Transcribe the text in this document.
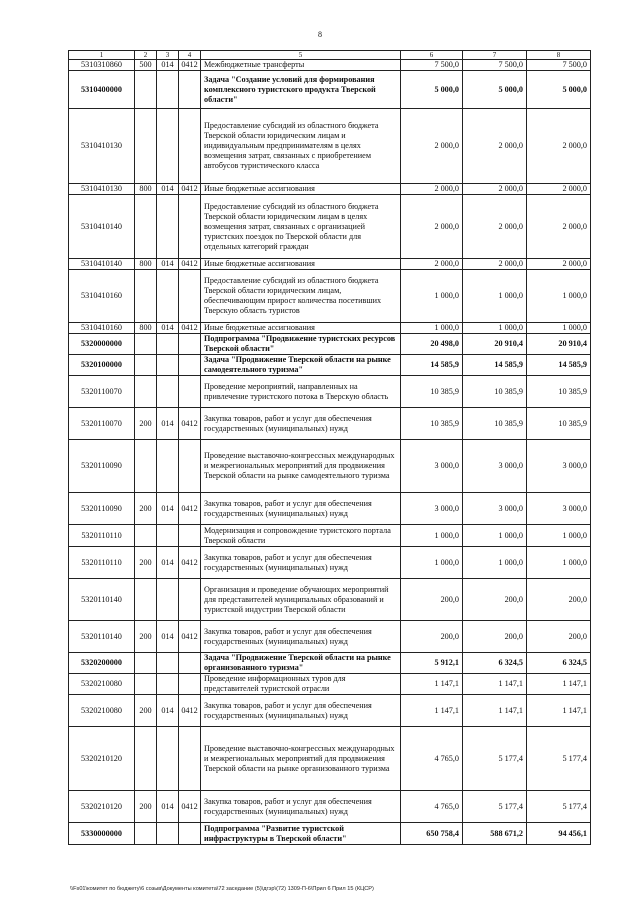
8
1	2	3	4	5	6	7	8
5310310860	500	014	0412	Межбюджетные трансферты	7 500,0	7 500,0	7 500,0
5310400000				Задача "Создание условий для формирования комплексного туристского продукта Тверской области"	5 000,0	5 000,0	5 000,0
5310410130				Предоставление субсидий из областного бюджета Тверской области юридическим лицам и индивидуальным предпринимателям в целях возмещения затрат, связанных с приобретением автобусов туристического класса	2 000,0	2 000,0	2 000,0
5310410130	800	014	0412	Иные бюджетные ассигнования	2 000,0	2 000,0	2 000,0
5310410140				Предоставление субсидий из областного бюджета Тверской области юридическим лицам в целях возмещения затрат, связанных с организацией туристских поездок по Тверской области для отдельных категорий граждан	2 000,0	2 000,0	2 000,0
5310410140	800	014	0412	Иные бюджетные ассигнования	2 000,0	2 000,0	2 000,0
5310410160				Предоставление субсидий из областного бюджета Тверской области юридическим лицам, обеспечивающим прирост количества посетивших Тверскую область туристов	1 000,0	1 000,0	1 000,0
5310410160	800	014	0412	Иные бюджетные ассигнования	1 000,0	1 000,0	1 000,0
5320000000				Подпрограмма "Продвижение туристских ресурсов Тверской области"	20 498,0	20 910,4	20 910,4
5320100000				Задача "Продвижение Тверской области на рынке самодеятельного туризма"	14 585,9	14 585,9	14 585,9
5320110070				Проведение мероприятий, направленных на привлечение туристского потока в Тверскую область	10 385,9	10 385,9	10 385,9
5320110070	200	014	0412	Закупка товаров, работ и услуг для обеспечения государственных (муниципальных) нужд	10 385,9	10 385,9	10 385,9
5320110090				Проведение выставочно-конгрессных международных и межрегиональных мероприятий для продвижения Тверской области на рынке самодеятельного туризма	3 000,0	3 000,0	3 000,0
5320110090	200	014	0412	Закупка товаров, работ и услуг для обеспечения государственных (муниципальных) нужд	3 000,0	3 000,0	3 000,0
5320110110				Модернизация и сопровождение туристского портала Тверской области	1 000,0	1 000,0	1 000,0
5320110110	200	014	0412	Закупка товаров, работ и услуг для обеспечения государственных (муниципальных) нужд	1 000,0	1 000,0	1 000,0
5320110140				Организация и проведение обучающих мероприятий для представителей муниципальных образований и туристской индустрии Тверской области	200,0	200,0	200,0
5320110140	200	014	0412	Закупка товаров, работ и услуг для обеспечения государственных (муниципальных) нужд	200,0	200,0	200,0
5320200000				Задача "Продвижение Тверской области на рынке организованного туризма"	5 912,1	6 324,5	6 324,5
5320210080				Проведение информационных туров для представителей туристской отрасли	1 147,1	1 147,1	1 147,1
5320210080	200	014	0412	Закупка товаров, работ и услуг для обеспечения государственных (муниципальных) нужд	1 147,1	1 147,1	1 147,1
5320210120				Проведение выставочно-конгрессных международных и межрегиональных мероприятий для продвижения Тверской области на рынке организованного туризма	4 765,0	5 177,4	5 177,4
5320210120	200	014	0412	Закупка товаров, работ и услуг для обеспечения государственных (муниципальных) нужд	4 765,0	5 177,4	5 177,4
5330000000				Подпрограмма "Развитие туристской инфраструктуры в Тверской области"	650 758,4	588 671,2	94 456,1
\\Fs01\комитет по бюджету\6 созыв\Документы комитета\72 заседание (5)\дгэр\(72) 1309-П-6\Прил 6 Прил 15 (КЦСР)
